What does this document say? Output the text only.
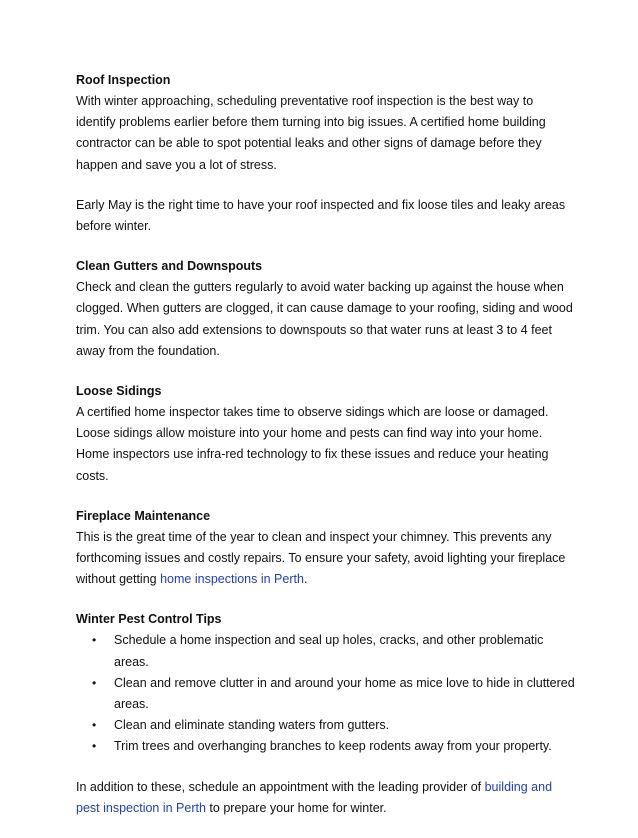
Roof Inspection

With winter approaching, scheduling preventative roof inspection is the best way to identify problems earlier before them turning into big issues. A certified home building contractor can be able to spot potential leaks and other signs of damage before they happen and save you a lot of stress.

Early May is the right time to have your roof inspected and fix loose tiles and leaky areas before winter.

Clean Gutters and Downspouts

Check and clean the gutters regularly to avoid water backing up against the house when clogged. When gutters are clogged, it can cause damage to your roofing, siding and wood trim. You can also add extensions to downspouts so that water runs at least 3 to 4 feet away from the foundation.

Loose Sidings

A certified home inspector takes time to observe sidings which are loose or damaged. Loose sidings allow moisture into your home and pests can find way into your home. Home inspectors use infra-red technology to fix these issues and reduce your heating costs.

Fireplace Maintenance

This is the great time of the year to clean and inspect your chimney. This prevents any forthcoming issues and costly repairs. To ensure your safety, avoid lighting your fireplace without getting home inspections in Perth.

Winter Pest Control Tips
• Schedule a home inspection and seal up holes, cracks, and other problematic areas.
• Clean and remove clutter in and around your home as mice love to hide in cluttered areas.
• Clean and eliminate standing waters from gutters.
• Trim trees and overhanging branches to keep rodents away from your property.

In addition to these, schedule an appointment with the leading provider of building and pest inspection in Perth to prepare your home for winter.
